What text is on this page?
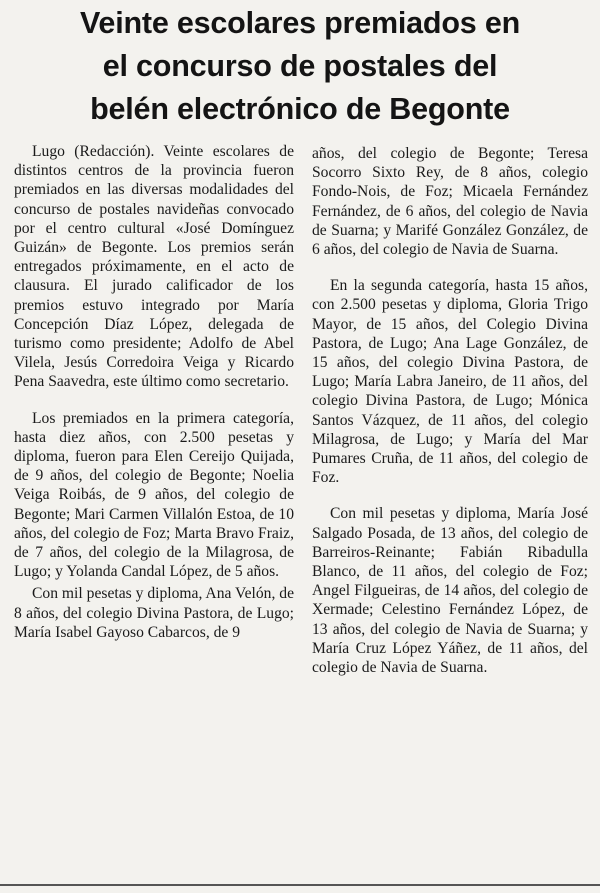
Veinte escolares premiados en
el concurso de postales del
belén electrónico de Begonte

Lugo (Redacción). Veinte escolares de distintos centros de la provincia fueron premiados en las diversas modalidades del concurso de postales navideñas convocado por el centro cultural «José Domínguez Guizán» de Begonte. Los premios serán entregados próximamente, en el acto de clausura. El jurado calificador de los premios estuvo integrado por María Concepción Díaz López, delegada de turismo como presidente; Adolfo de Abel Vilela, Jesús Corredoira Veiga y Ricardo Pena Saavedra, este último como secretario.

Los premiados en la primera categoría, hasta diez años, con 2.500 pesetas y diploma, fueron para Elen Cereijo Quijada, de 9 años, del colegio de Begonte; Noelia Veiga Roibás, de 9 años, del colegio de Begonte; Mari Carmen Villalón Estoa, de 10 años, del colegio de Foz; Marta Bravo Fraiz, de 7 años, del colegio de la Milagrosa, de Lugo; y Yolanda Candal López, de 5 años.

Con mil pesetas y diploma, Ana Velón, de 8 años, del colegio Divina Pastora, de Lugo; María Isabel Gayoso Cabarcos, de 9

años, del colegio de Begonte; Teresa Socorro Sixto Rey, de 8 años, colegio Fondo-Nois, de Foz; Micaela Fernández Fernández, de 6 años, del colegio de Navia de Suarna; y Marifé González González, de 6 años, del colegio de Navia de Suarna.

En la segunda categoría, hasta 15 años, con 2.500 pesetas y diploma, Gloria Trigo Mayor, de 15 años, del Colegio Divina Pastora, de Lugo; Ana Lage González, de 15 años, del colegio Divina Pastora, de Lugo; María Labra Janeiro, de 11 años, del colegio Divina Pastora, de Lugo; Mónica Santos Vázquez, de 11 años, del colegio Milagrosa, de Lugo; y María del Mar Pumares Cruña, de 11 años, del colegio de Foz.

Con mil pesetas y diploma, María José Salgado Posada, de 13 años, del colegio de Barreiros-Reinante; Fabián Ribadulla Blanco, de 11 años, del colegio de Foz; Angel Filgueiras, de 14 años, del colegio de Xermade; Celestino Fernández López, de 13 años, del colegio de Navia de Suarna; y María Cruz López Yáñez, de 11 años, del colegio de Navia de Suarna.
